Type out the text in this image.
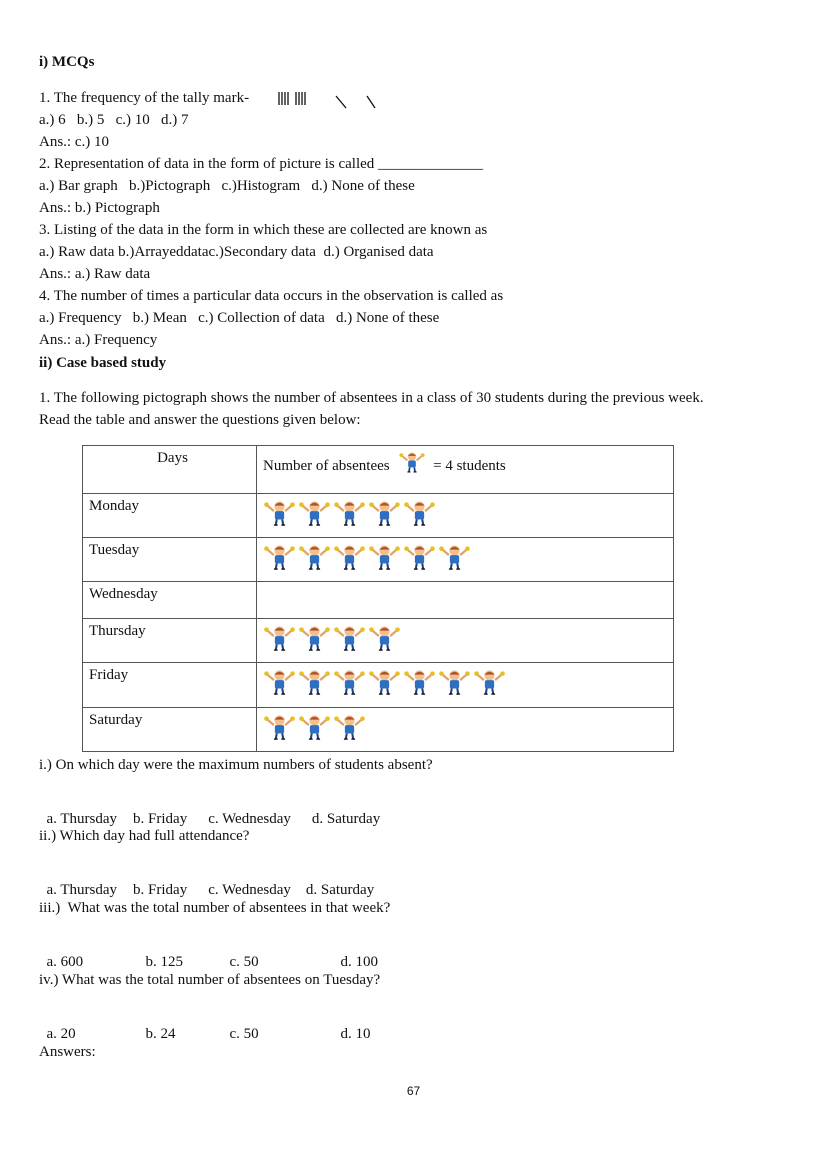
i) MCQs
1. The frequency of the tally mark-
a.) 6   b.) 5   c.) 10   d.) 7
Ans.: c.) 10
2. Representation of data in the form of picture is called ______________
a.) Bar graph   b.)Pictograph   c.)Histogram   d.) None of these
Ans.: b.) Pictograph
3. Listing of the data in the form in which these are collected are known as
a.) Raw data b.)Arrayeddatac.)Secondary data  d.) Organised data
Ans.: a.) Raw data
4. The number of times a particular data occurs in the observation is called as
a.) Frequency   b.) Mean   c.) Collection of data   d.) None of these
Ans.: a.) Frequency
ii) Case based study
1. The following pictograph shows the number of absentees in a class of 30 students during the previous week.
Read the table and answer the questions given below:
Days	Number of absentees = 4 students
Monday	
Tuesday	
Wednesday	
Thursday	
Friday	
Saturday	
i.) On which day were the maximum numbers of students absent?

a. Thursday b. Friday c. Wednesday d. Saturday

ii.) Which day had full attendance?

a. Thursday b. Friday c. Wednesday d. Saturday

iii.)  What was the total number of absentees in that week?

a. 600	b. 125	c. 50	d. 100

iv.) What was the total number of absentees on Tuesday?

a. 20	b. 24	c. 50	d. 10

Answers:
67
